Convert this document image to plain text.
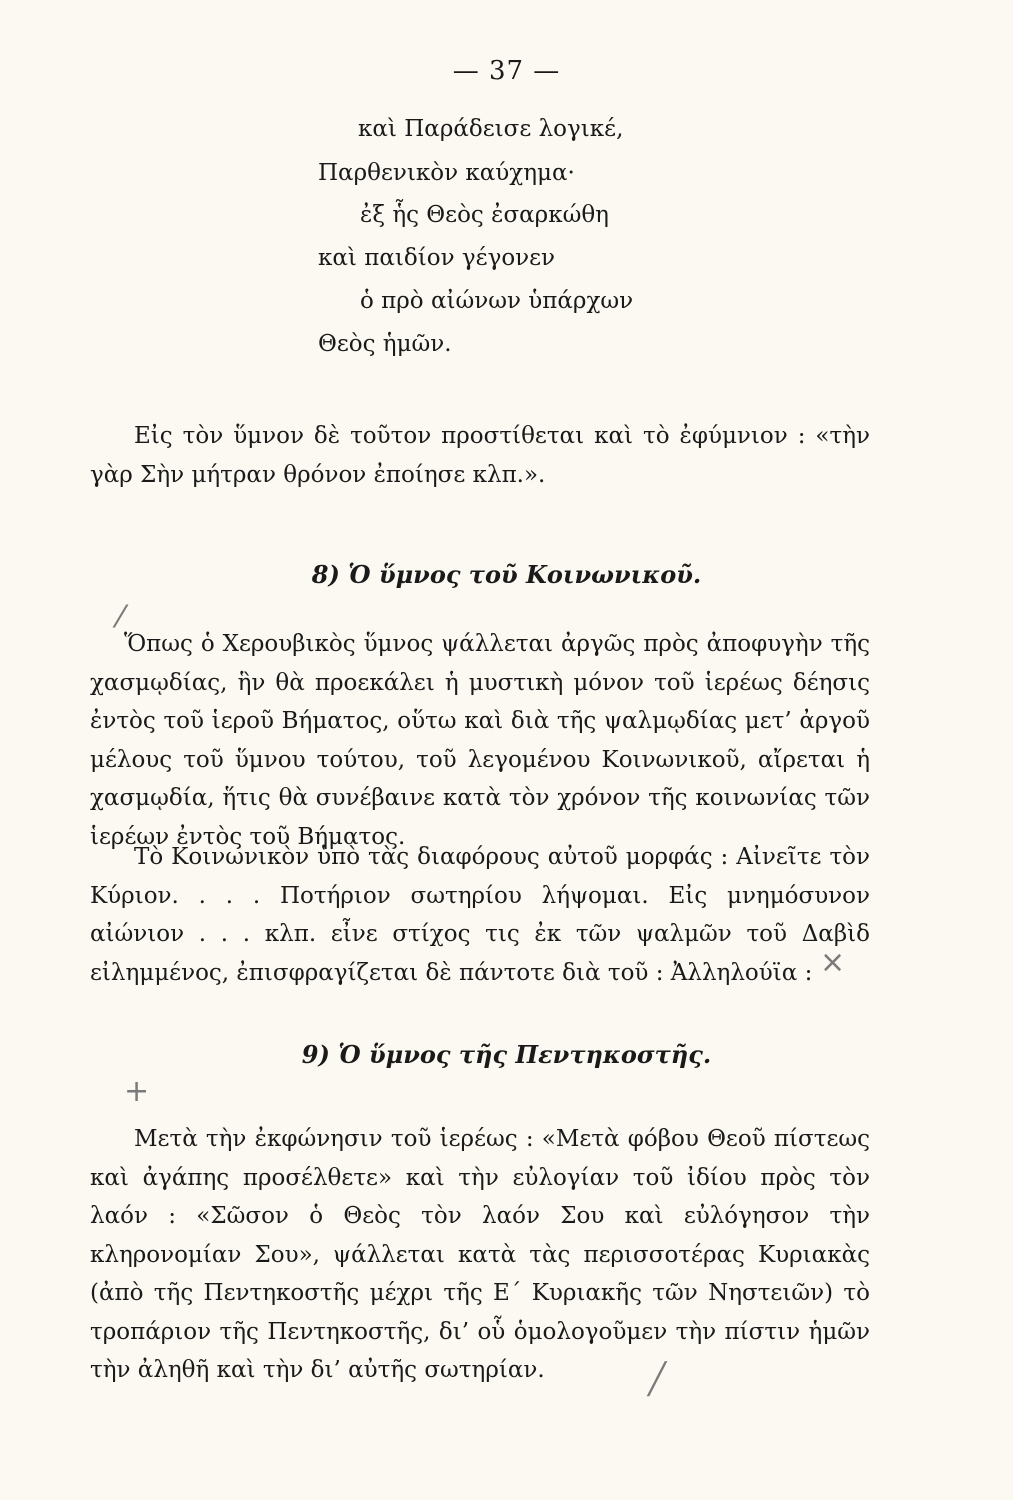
— 37 —
καὶ Παράδεισε λογικέ,
Παρθενικὸν καύχημα·
ἐξ ἧς Θεὸς ἐσαρκώθη
καὶ παιδίον γέγονεν
ὁ πρὸ αἰώνων ὑπάρχων
Θεὸς ἡμῶν.
Εἰς τὸν ὕμνον δὲ τοῦτον προστίθεται καὶ τὸ ἐφύμνιον : «τὴν γὰρ Σὴν μήτραν θρόνον ἐποίησε κλπ.».
8) Ὁ ὕμνος τοῦ Κοινωνικοῦ.
Ὅπως ὁ Χερουβικὸς ὕμνος ψάλλεται ἀργῶς πρὸς ἀποφυγὴν τῆς χασμῳδίας, ἣν θὰ προεκάλει ἡ μυστικὴ μόνον τοῦ ἱερέως δέησις ἐντὸς τοῦ ἱεροῦ Βήματος, οὕτω καὶ διὰ τῆς ψαλμῳδίας μετ’ ἀργοῦ μέλους τοῦ ὕμνου τούτου, τοῦ λεγομένου Κοινωνικοῦ, αἴρεται ἡ χασμῳδία, ἥτις θὰ συνέβαινε κατὰ τὸν χρόνον τῆς κοινωνίας τῶν ἱερέων ἐντὸς τοῦ Βήματος.
Τὸ Κοινωνικὸν ὑπὸ τὰς διαφόρους αὐτοῦ μορφάς : Αἰνεῖτε τὸν Κύριον. . . . Ποτήριον σωτηρίου λήψομαι. Εἰς μνημόσυνον αἰώνιον . . . κλπ. εἶνε στίχος τις ἐκ τῶν ψαλμῶν τοῦ Δαβὶδ εἰλημμένος, ἐπισφραγίζεται δὲ πάντοτε διὰ τοῦ : Ἀλληλούϊα :
9) Ὁ ὕμνος τῆς Πεντηκοστῆς.
Μετὰ τὴν ἐκφώνησιν τοῦ ἱερέως : «Μετὰ φόβου Θεοῦ πίστεως καὶ ἀγάπης προσέλθετε» καὶ τὴν εὐλογίαν τοῦ ἰδίου πρὸς τὸν λαόν : «Σῶσον ὁ Θεὸς τὸν λαόν Σου καὶ εὐλόγησον τὴν κληρονομίαν Σου», ψάλλεται κατὰ τὰς περισσοτέρας Κυριακὰς (ἀπὸ τῆς Πεντηκοστῆς μέχρι τῆς Ε΄ Κυριακῆς τῶν Νηστειῶν) τὸ τροπάριον τῆς Πεντηκοστῆς, δι’ οὗ ὁμολογοῦμεν τὴν πίστιν ἡμῶν τὴν ἀληθῆ καὶ τὴν δι’ αὐτῆς σωτηρίαν.
⁄
×
+
╱
